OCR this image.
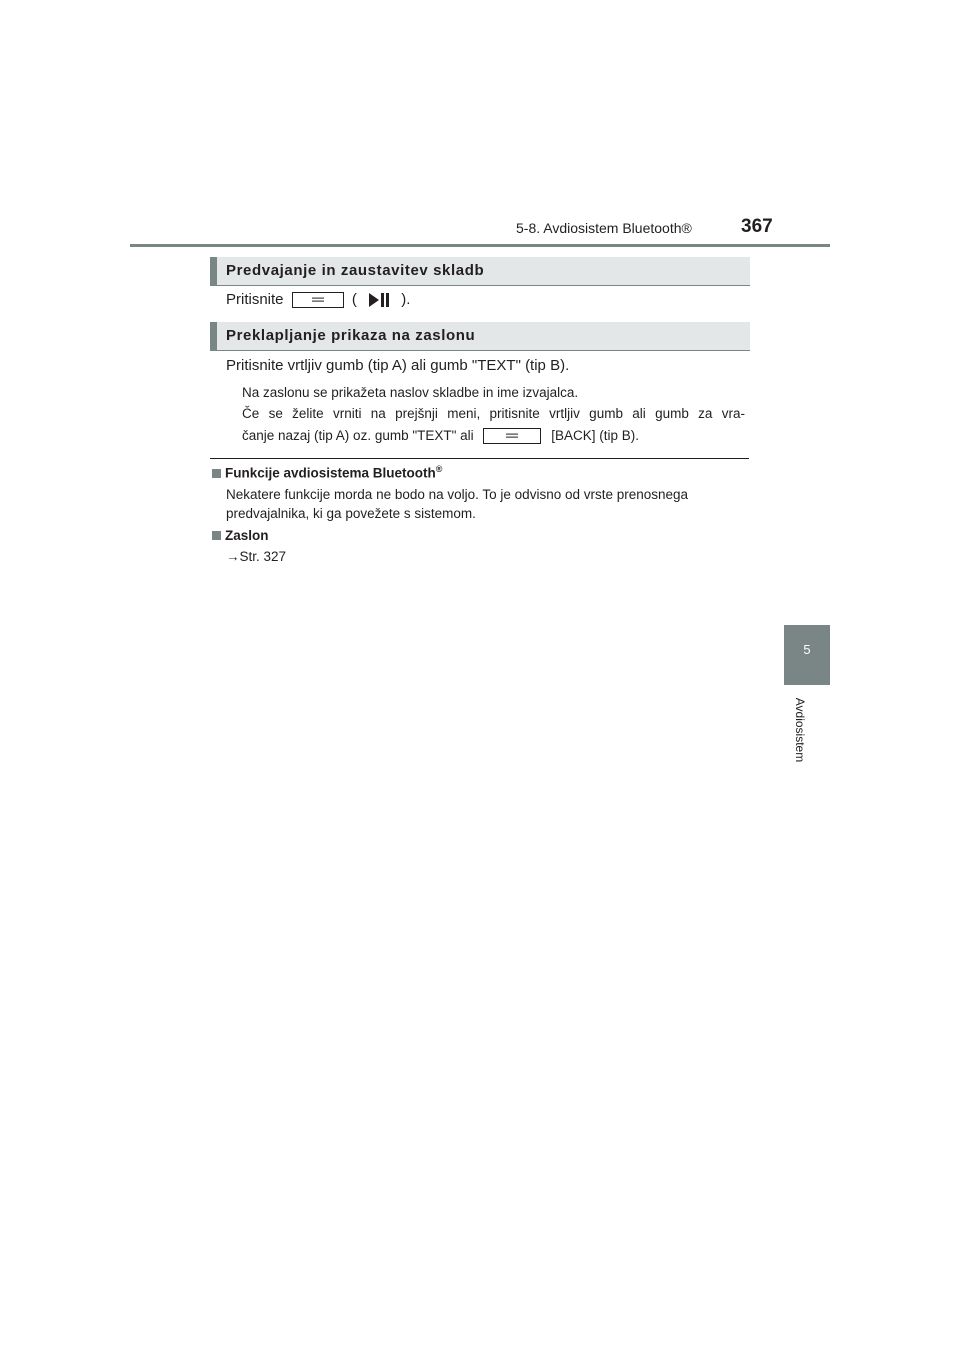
5-8. Avdiosistem Bluetooth®	367
5
Avdiosistem
Predvajanje in zaustavitev skladb
Pritisnite	(	).
Preklapljanje prikaza na zaslonu
Pritisnite vrtljiv gumb (tip A) ali gumb "TEXT" (tip B).
Na zaslonu se prikažeta naslov skladbe in ime izvajalca.
Če se želite vrniti na prejšnji meni, pritisnite vrtljiv gumb ali gumb za vra-
čanje nazaj (tip A) oz. gumb "TEXT" ali	[BACK] (tip B).
Funkcije avdiosistema Bluetooth®
Nekatere funkcije morda ne bodo na voljo. To je odvisno od vrste prenosnega
predvajalnika, ki ga povežete s sistemom.
Zaslon
→Str. 327
